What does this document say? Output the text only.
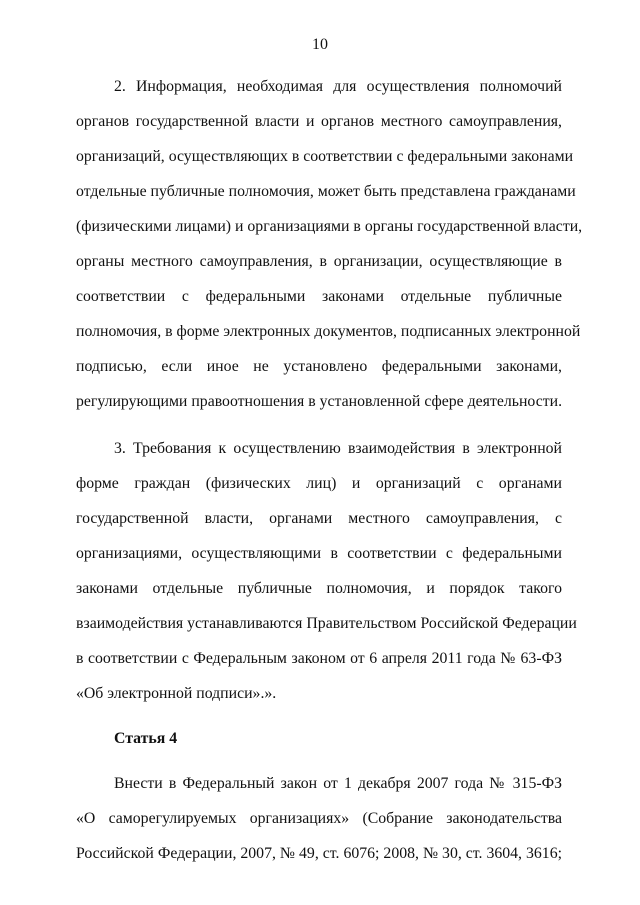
10
2. Информация, необходимая для осуществления полномочий
органов государственной власти и органов местного самоуправления,
организаций, осуществляющих в соответствии с федеральными законами
отдельные публичные полномочия, может быть представлена гражданами
(физическими лицами) и организациями в органы государственной власти,
органы местного самоуправления, в организации, осуществляющие в
соответствии с федеральными законами отдельные публичные
полномочия, в форме электронных документов, подписанных электронной
подписью, если иное не установлено федеральными законами,
регулирующими правоотношения в установленной сфере деятельности.
3. Требования к осуществлению взаимодействия в электронной
форме граждан (физических лиц) и организаций с органами
государственной власти, органами местного самоуправления, с
организациями, осуществляющими в соответствии с федеральными
законами отдельные публичные полномочия, и порядок такого
взаимодействия устанавливаются Правительством Российской Федерации
в соответствии с Федеральным законом от 6 апреля 2011 года № 63-ФЗ
«Об электронной подписи».».
Статья 4
Внести в Федеральный закон от 1 декабря 2007 года № 315-ФЗ
«О саморегулируемых организациях» (Собрание законодательства
Российской Федерации, 2007, № 49, ст. 6076; 2008, № 30, ст. 3604, 3616;
